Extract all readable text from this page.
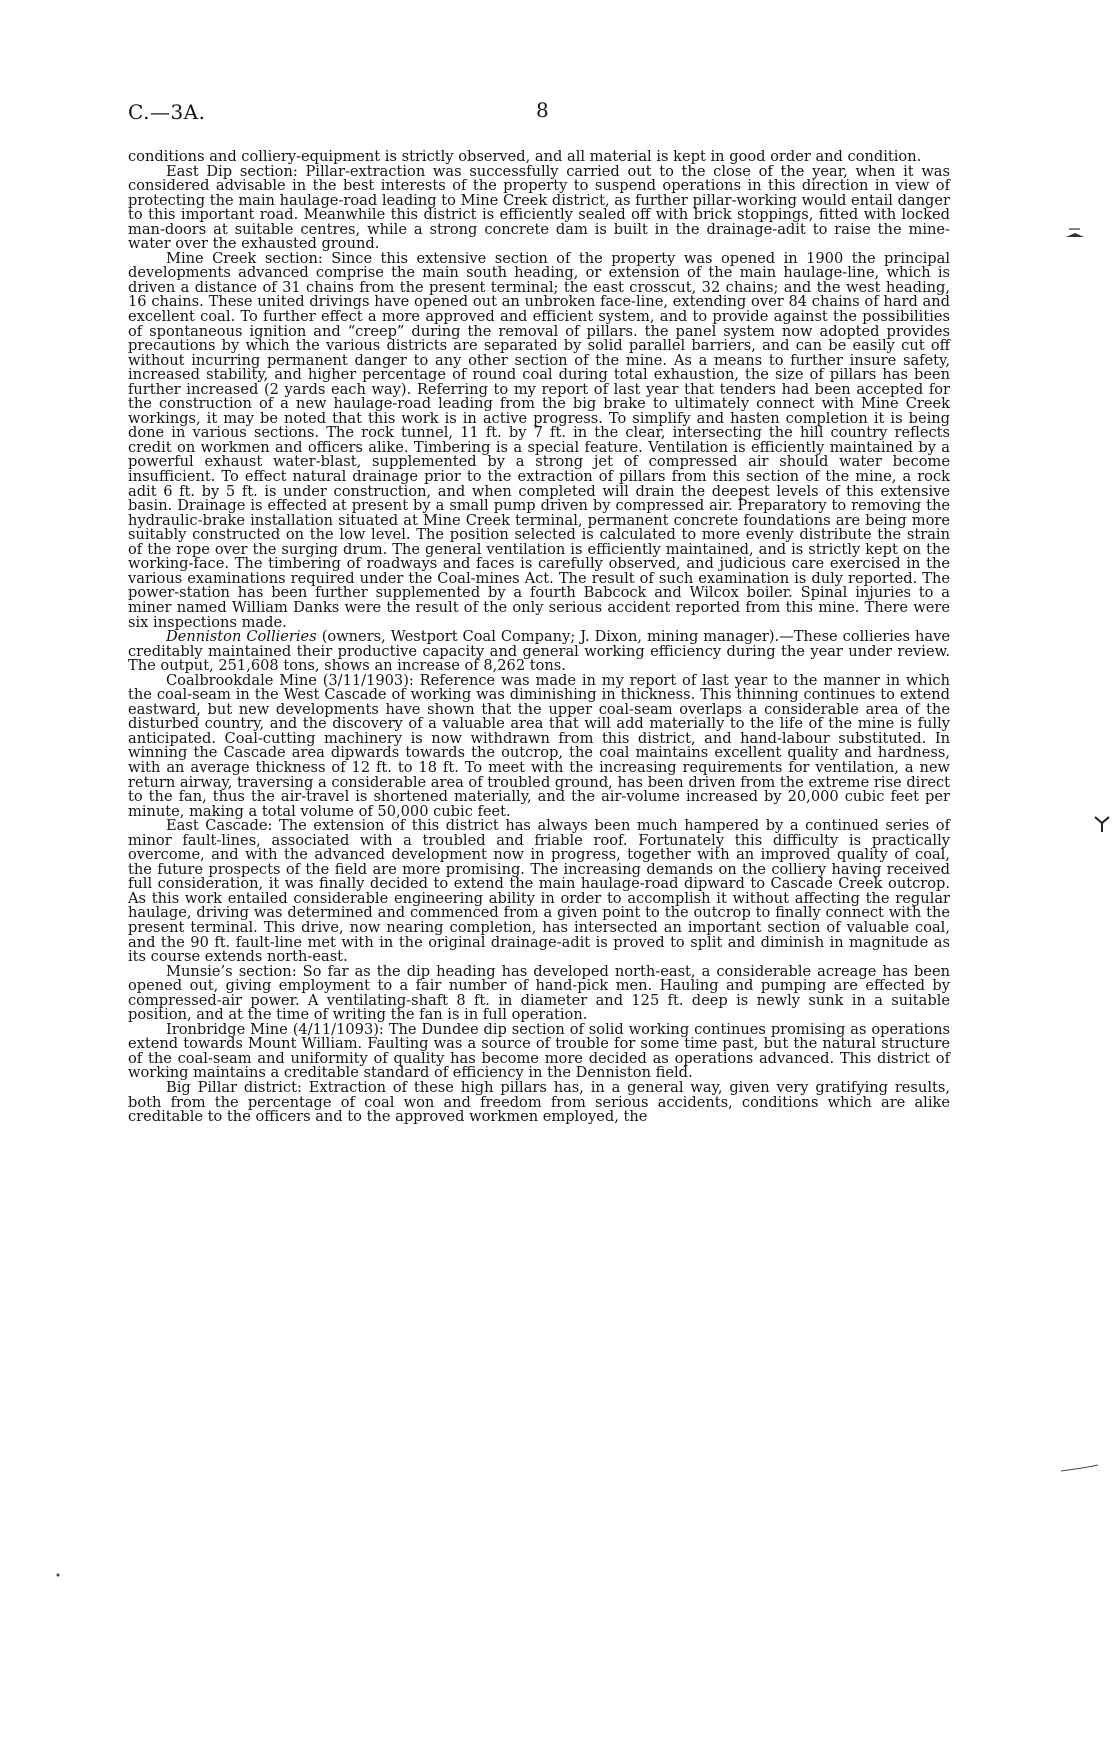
C.—3A.	8

conditions and colliery-equipment is strictly observed, and all material is kept in good order and condition.

East Dip section: Pillar-extraction was successfully carried out to the close of the year, when it was considered advisable in the best interests of the property to suspend operations in this direction in view of protecting the main haulage-road leading to Mine Creek district, as further pillar-working would entail danger to this important road. Meanwhile this district is efficiently sealed off with brick stoppings, fitted with locked man-doors at suitable centres, while a strong concrete dam is built in the drainage-adit to raise the mine-water over the exhausted ground.

Mine Creek section: Since this extensive section of the property was opened in 1900 the principal developments advanced comprise the main south heading, or extension of the main haulage-line, which is driven a distance of 31 chains from the present terminal; the east crosscut, 32 chains; and the west heading, 16 chains. These united drivings have opened out an unbroken face-line, extending over 84 chains of hard and excellent coal. To further effect a more approved and efficient system, and to provide against the possibilities of spontaneous ignition and “creep” during the removal of pillars. the panel system now adopted provides precautions by which the various districts are separated by solid parallel barriers, and can be easily cut off without incurring permanent danger to any other section of the mine. As a means to further insure safety, increased stability, and higher percentage of round coal during total exhaustion, the size of pillars has been further increased (2 yards each way). Referring to my report of last year that tenders had been accepted for the construction of a new haulage-road leading from the big brake to ultimately connect with Mine Creek workings, it may be noted that this work is in active progress. To simplify and hasten completion it is being done in various sections. The rock tunnel, 11 ft. by 7 ft. in the clear, intersecting the hill country reflects credit on workmen and officers alike. Timbering is a special feature. Ventilation is efficiently maintained by a powerful exhaust water-blast, supplemented by a strong jet of compressed air should water become insufficient. To effect natural drainage prior to the extraction of pillars from this section of the mine, a rock adit 6 ft. by 5 ft. is under construction, and when completed will drain the deepest levels of this extensive basin. Drainage is effected at present by a small pump driven by compressed air. Preparatory to removing the hydraulic-brake installation situated at Mine Creek terminal, permanent concrete foundations are being more suitably constructed on the low level. The position selected is calculated to more evenly distribute the strain of the rope over the surging drum. The general ventilation is efficiently maintained, and is strictly kept on the working-face. The timbering of roadways and faces is carefully observed, and judicious care exercised in the various examinations required under the Coal-mines Act. The result of such examination is duly reported. The power-station has been further supplemented by a fourth Babcock and Wilcox boiler. Spinal injuries to a miner named William Danks were the result of the only serious accident reported from this mine. There were six inspections made.

Denniston Collieries (owners, Westport Coal Company; J. Dixon, mining manager).—These collieries have creditably maintained their productive capacity and general working efficiency during the year under review. The output, 251,608 tons, shows an increase of 8,262 tons.

Coalbrookdale Mine (3/11/1903): Reference was made in my report of last year to the manner in which the coal-seam in the West Cascade of working was diminishing in thickness. This thinning continues to extend eastward, but new developments have shown that the upper coal-seam overlaps a considerable area of the disturbed country, and the discovery of a valuable area that will add materially to the life of the mine is fully anticipated. Coal-cutting machinery is now withdrawn from this district, and hand-labour substituted. In winning the Cascade area dipwards towards the outcrop, the coal maintains excellent quality and hardness, with an average thickness of 12 ft. to 18 ft. To meet with the increasing requirements for ventilation, a new return airway, traversing a considerable area of troubled ground, has been driven from the extreme rise direct to the fan, thus the air-travel is shortened materially, and the air-volume increased by 20,000 cubic feet per minute, making a total volume of 50,000 cubic feet.

East Cascade: The extension of this district has always been much hampered by a continued series of minor fault-lines, associated with a troubled and friable roof. Fortunately this difficulty is practically overcome, and with the advanced development now in progress, together with an improved quality of coal, the future prospects of the field are more promising. The increasing demands on the colliery having received full consideration, it was finally decided to extend the main haulage-road dipward to Cascade Creek outcrop. As this work entailed considerable engineering ability in order to accomplish it without affecting the regular haulage, driving was determined and commenced from a given point to the outcrop to finally connect with the present terminal. This drive, now nearing completion, has intersected an important section of valuable coal, and the 90 ft. fault-line met with in the original drainage-adit is proved to split and diminish in magnitude as its course extends north-east.

Munsie’s section: So far as the dip heading has developed north-east, a considerable acreage has been opened out, giving employment to a fair number of hand-pick men. Hauling and pumping are effected by compressed-air power. A ventilating-shaft 8 ft. in diameter and 125 ft. deep is newly sunk in a suitable position, and at the time of writing the fan is in full operation.

Ironbridge Mine (4/11/1093): The Dundee dip section of solid working continues promising as operations extend towards Mount William. Faulting was a source of trouble for some time past, but the natural structure of the coal-seam and uniformity of quality has become more decided as operations advanced. This district of working maintains a creditable standard of efficiency in the Denniston field.

Big Pillar district: Extraction of these high pillars has, in a general way, given very gratifying results, both from the percentage of coal won and freedom from serious accidents, conditions which are alike creditable to the officers and to the approved workmen employed, the
